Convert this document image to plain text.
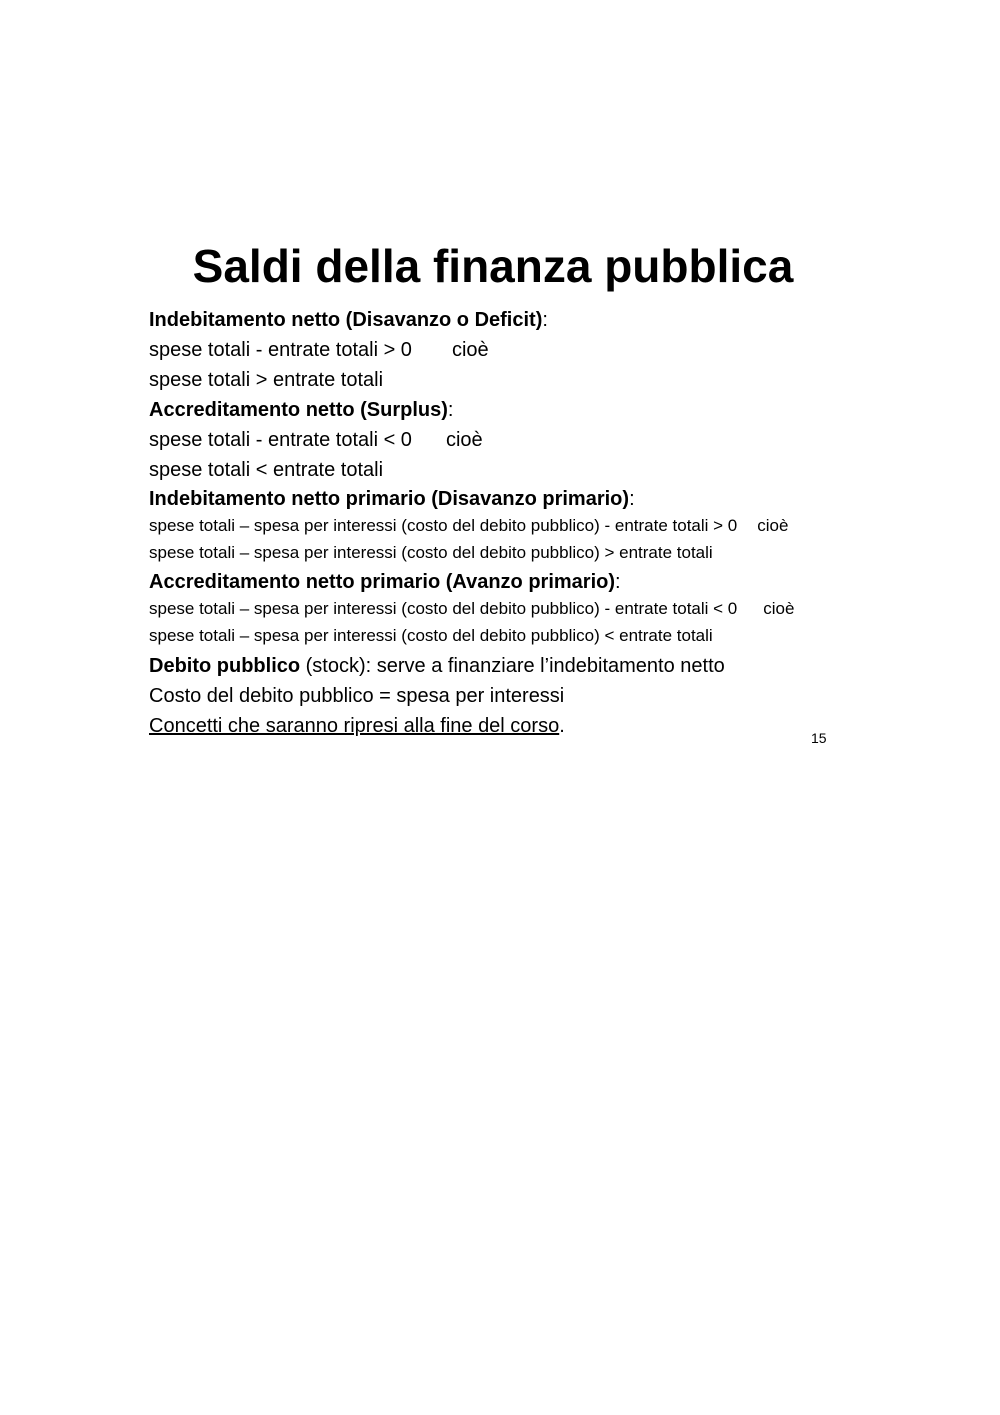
Saldi della finanza pubblica
Indebitamento netto (Disavanzo o Deficit):
spese totali - entrate totali > 0 cioè
spese totali > entrate totali
Accreditamento netto (Surplus):
spese totali - entrate totali < 0 cioè
spese totali < entrate totali
Indebitamento netto primario (Disavanzo primario):
spese totali – spesa per interessi (costo del debito pubblico) - entrate totali > 0 cioè
spese totali – spesa per interessi (costo del debito pubblico) > entrate totali
Accreditamento netto primario (Avanzo primario):
spese totali – spesa per interessi (costo del debito pubblico) - entrate totali < 0 cioè
spese totali – spesa per interessi (costo del debito pubblico) < entrate totali
Debito pubblico (stock): serve a finanziare l’indebitamento netto
Costo del debito pubblico = spesa per interessi
Concetti che saranno ripresi alla fine del corso.
15
